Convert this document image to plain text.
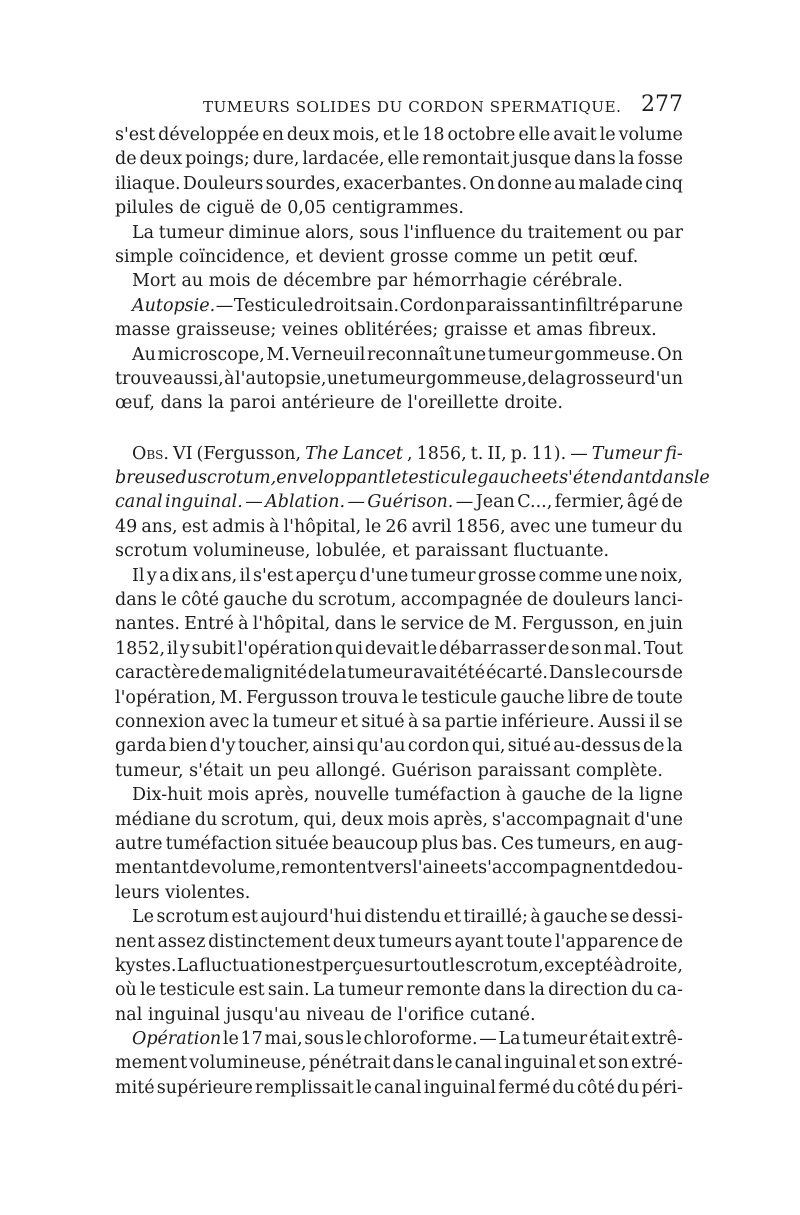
TUMEURS SOLIDES DU CORDON SPERMATIQUE. 277
s'est développée en deux mois, et le 18 octobre elle avait le volume
de deux poings; dure, lardacée, elle remontait jusque dans la fosse
iliaque. Douleurs sourdes, exacerbantes. On donne au malade cinq
pilules
de
ciguë
de
0,05
centigrammes.
La tumeur diminue alors, sous l'influence du traitement ou par
simple
coïncidence,
et
devient
grosse
comme
un
petit
œuf.
Mort
au
mois
de
décembre
par
hémorrhagie
cérébrale.
Autopsie. — Testicule droit sain. Cordon paraissant infiltré par une
masse
graisseuse;
veines
oblitérées;
graisse
et
amas
fibreux.
Au microscope, M. Verneuil reconnaît une tumeur gommeuse. On
trouve aussi, à l'autopsie, une tumeur gommeuse, de la grosseur d'un
œuf,
dans
la
paroi
antérieure
de
l'oreillette
droite.
Obs. VI (Fergusson, The Lancet , 1856, t. II, p. 11). — Tumeur fi-
breuse du scrotum, enveloppant le testicule gauche et s'étendant dans le
canal inguinal. — Ablation. — Guérison. — Jean C..., fermier, âgé de
49 ans, est admis à l'hôpital, le 26 avril 1856, avec une tumeur du
scrotum
volumineuse,
lobulée,
et
paraissant
fluctuante.
Il y a dix ans, il s'est aperçu d'une tumeur grosse comme une noix,
dans le côté gauche du scrotum, accompagnée de douleurs lanci-
nantes. Entré à l'hôpital, dans le service de M. Fergusson, en juin
1852, il y subit l'opération qui devait le débarrasser de son mal. Tout
caractère de malignité de la tumeur avait été écarté. Dans le cours de
l'opération, M. Fergusson trouva le testicule gauche libre de toute
connexion avec la tumeur et situé à sa partie inférieure. Aussi il se
garda bien d'y toucher, ainsi qu'au cordon qui, situé au-dessus de la
tumeur,
s'était
un
peu
allongé.
Guérison
paraissant
complète.
Dix-huit mois après, nouvelle tuméfaction à gauche de la ligne
médiane du scrotum, qui, deux mois après, s'accompagnait d'une
autre tuméfaction située beaucoup plus bas. Ces tumeurs, en aug-
mentant de volume, remontent vers l'aine et s'accompagnent de dou-
leurs
violentes.
Le scrotum est aujourd'hui distendu et tiraillé; à gauche se dessi-
nent assez distinctement deux tumeurs ayant toute l'apparence de
kystes. La fluctuation est perçue sur tout le scrotum, excepté à droite,
où le testicule est sain. La tumeur remonte dans la direction du ca-
nal
inguinal
jusqu'au
niveau
de
l'orifice
cutané.
Opération le 17 mai, sous le chloroforme. — La tumeur était extrê-
mement volumineuse, pénétrait dans le canal inguinal et son extré-
mité supérieure remplissait le canal inguinal fermé du côté du péri-
